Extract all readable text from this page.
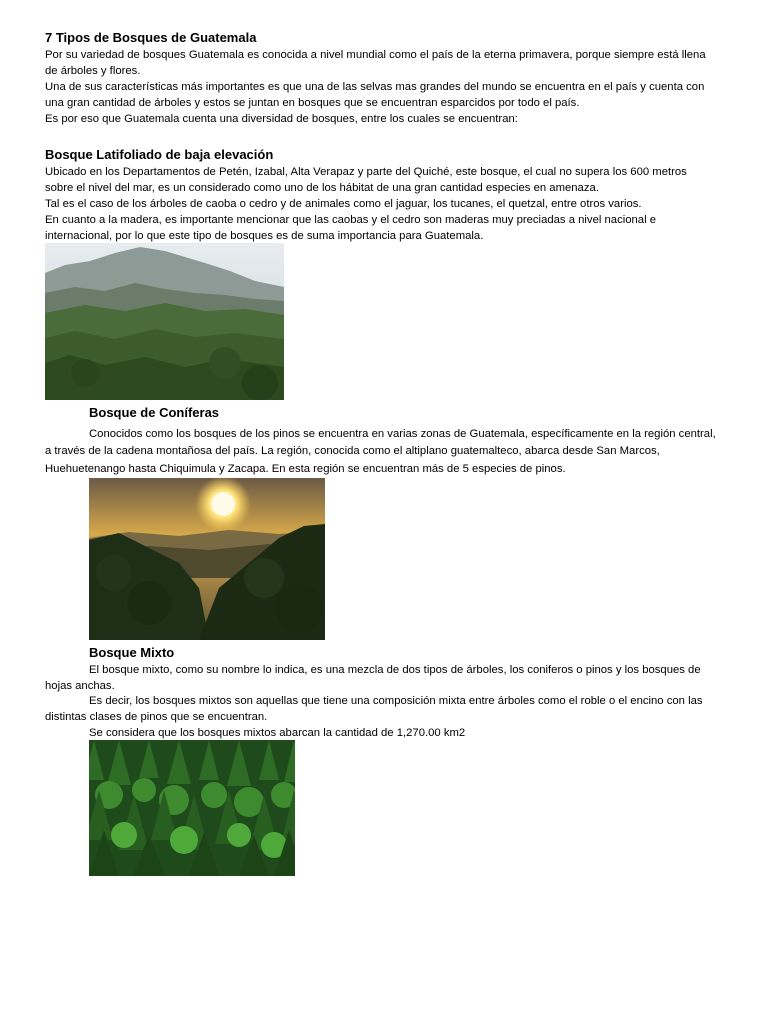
7 Tipos de Bosques de Guatemala
Por su variedad de bosques Guatemala es conocida a nivel mundial como el país de la eterna primavera, porque siempre está llena
de árboles y flores.
Una de sus características más importantes es que una de las selvas mas grandes del mundo se encuentra en el país y cuenta con
una gran cantidad de árboles y estos se juntan en bosques que se encuentran esparcidos por todo el país.
Es por eso que Guatemala cuenta una diversidad de bosques, entre los cuales se encuentran:
Bosque Latifoliado de baja elevación
Ubicado en los Departamentos de Petén, Izabal, Alta Verapaz y parte del Quiché, este bosque, el cual no supera los 600 metros
sobre el nivel del mar, es un considerado como uno de los hábitat de una gran cantidad especies en amenaza.
Tal es el caso de los árboles de caoba o cedro y de animales como el jaguar, los tucanes, el quetzal, entre otros varios.
En cuanto a la madera, es importante mencionar que las caobas y el cedro son maderas muy preciadas a nivel nacional e
internacional, por lo que este tipo de bosques es de suma importancia para Guatemala.
Bosque de Coníferas
Conocidos como los bosques de los pinos se encuentra en varias zonas de Guatemala, específicamente en la región central,
a través de la cadena montañosa del país. La región, conocida como el altiplano guatemalteco, abarca desde San Marcos,
Huehuetenango hasta Chiquimula y Zacapa. En esta región se encuentran más de 5 especies de pinos.
Bosque Mixto
El bosque mixto, como su nombre lo indica, es una mezcla de dos tipos de árboles, los coniferos o pinos y los bosques de
hojas anchas.
Es decir, los bosques mixtos son aquellas que tiene una composición mixta entre árboles como el roble o el encino con las
distintas clases de pinos que se encuentran.
Se considera que los bosques mixtos abarcan la cantidad de 1,270.00 km2
